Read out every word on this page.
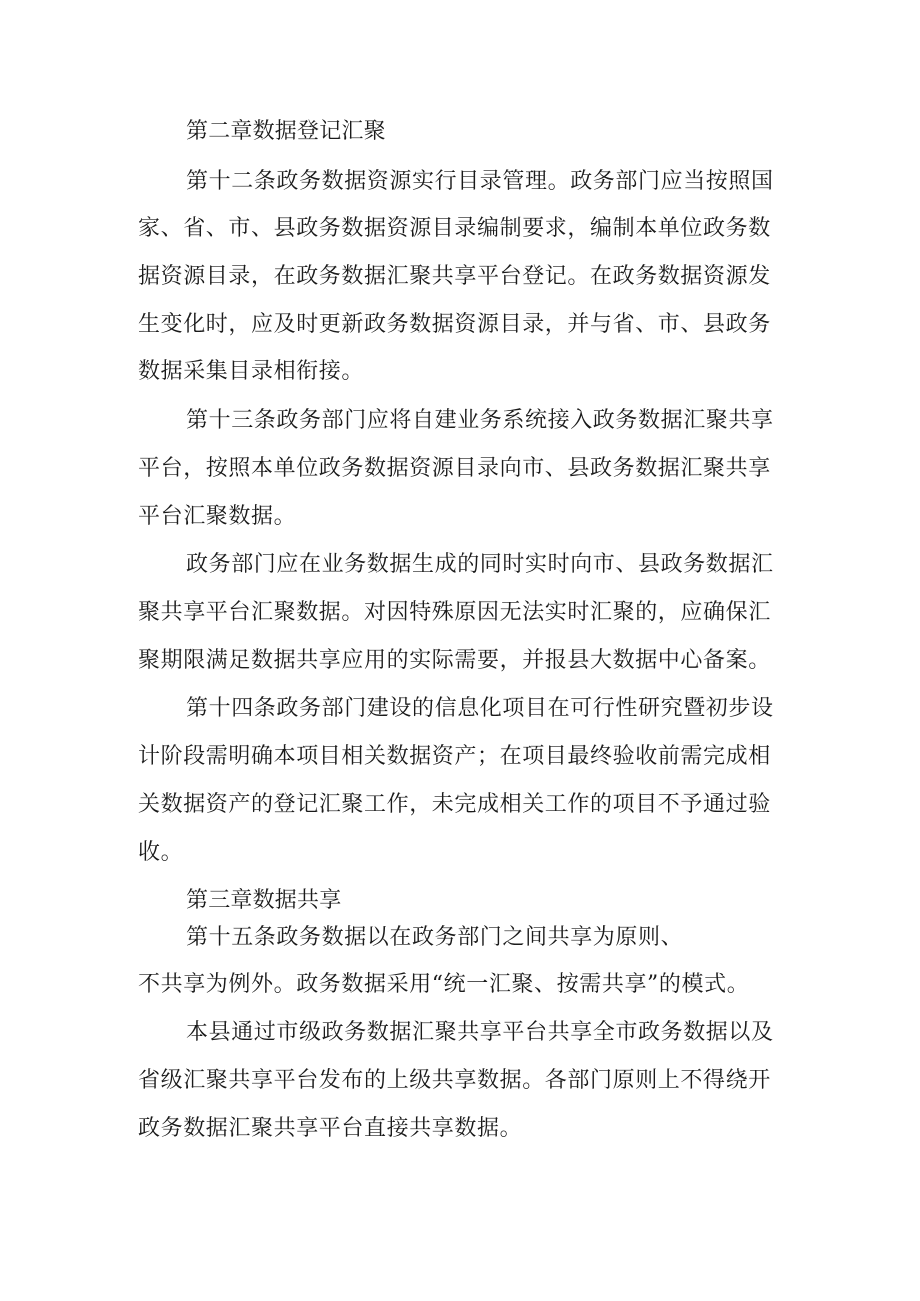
第二章数据登记汇聚

第十二条政务数据资源实行目录管理。政务部门应当按照国

家、省、市、县政务数据资源目录编制要求，编制本单位政务数

据资源目录，在政务数据汇聚共享平台登记。在政务数据资源发

生变化时，应及时更新政务数据资源目录，并与省、市、县政务

数据采集目录相衔接。

第十三条政务部门应将自建业务系统接入政务数据汇聚共享

平台，按照本单位政务数据资源目录向市、县政务数据汇聚共享

平台汇聚数据。

政务部门应在业务数据生成的同时实时向市、县政务数据汇

聚共享平台汇聚数据。对因特殊原因无法实时汇聚的，应确保汇

聚期限满足数据共享应用的实际需要，并报县大数据中心备案。

第十四条政务部门建设的信息化项目在可行性研究暨初步设

计阶段需明确本项目相关数据资产；在项目最终验收前需完成相

关数据资产的登记汇聚工作，未完成相关工作的项目不予通过验

收。

第三章数据共享

第十五条政务数据以在政务部门之间共享为原则、

不共享为例外。政务数据采用“统一汇聚、按需共享”的模式。

本县通过市级政务数据汇聚共享平台共享全市政务数据以及

省级汇聚共享平台发布的上级共享数据。各部门原则上不得绕开

政务数据汇聚共享平台直接共享数据。
